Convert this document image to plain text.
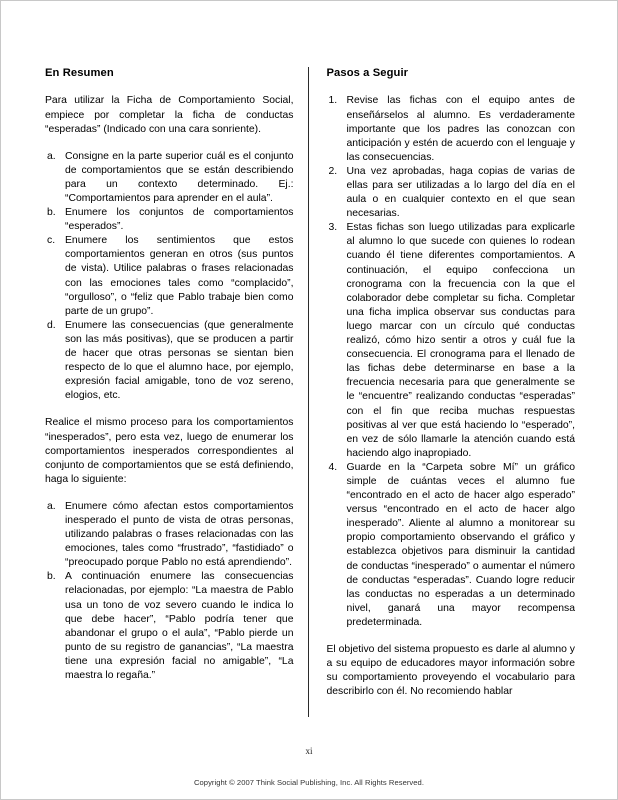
En Resumen

Para utilizar la Ficha de Comportamiento Social, empiece por completar la ficha de conductas “esperadas” (Indicado con una cara sonriente).

a. Consigne en la parte superior cuál es el conjunto de comportamientos que se están describiendo para un contexto determinado. Ej.: “Comportamientos para aprender en el aula”.
b. Enumere los conjuntos de comportamientos “esperados”.
c. Enumere los sentimientos que estos comportamientos generan en otros (sus puntos de vista). Utilice palabras o frases relacionadas con las emociones tales como “complacido”, “orgulloso”, o “feliz que Pablo trabaje bien como parte de un grupo”.
d. Enumere las consecuencias (que generalmente son las más positivas), que se producen a partir de hacer que otras personas se sientan bien respecto de lo que el alumno hace, por ejemplo, expresión facial amigable, tono de voz sereno, elogios, etc.

Realice el mismo proceso para los comportamientos “inesperados”, pero esta vez, luego de enumerar los comportamientos inesperados correspondientes al conjunto de comportamientos que se está definiendo, haga lo siguiente:

a. Enumere cómo afectan estos comportamientos inesperado el punto de vista de otras personas, utilizando palabras o frases relacionadas con las emociones, tales como “frustrado”, “fastidiado” o “preocupado porque Pablo no está aprendiendo”.
b. A continuación enumere las consecuencias relacionadas, por ejemplo: “La maestra de Pablo usa un tono de voz severo cuando le indica lo que debe hacer”, “Pablo podría tener que abandonar el grupo o el aula”, “Pablo pierde un punto de su registro de ganancias”, “La maestra tiene una expresión facial no amigable”, “La maestra lo regaña.”
Pasos a Seguir
1. Revise las fichas con el equipo antes de enseñárselos al alumno. Es verdaderamente importante que los padres las conozcan con anticipación y estén de acuerdo con el lenguaje y las consecuencias.
2. Una vez aprobadas, haga copias de varias de ellas para ser utilizadas a lo largo del día en el aula o en cualquier contexto en el que sean necesarias.
3. Estas fichas son luego utilizadas para explicarle al alumno lo que sucede con quienes lo rodean cuando él tiene diferentes comportamientos. A continuación, el equipo confecciona un cronograma con la frecuencia con la que el colaborador debe completar su ficha. Completar una ficha implica observar sus conductas para luego marcar con un círculo qué conductas realizó, cómo hizo sentir a otros y cuál fue la consecuencia. El cronograma para el llenado de las fichas debe determinarse en base a la frecuencia necesaria para que generalmente se le “encuentre” realizando conductas “esperadas” con el fin que reciba muchas respuestas positivas al ver que está haciendo lo “esperado”, en vez de sólo llamarle la atención cuando está haciendo algo inapropiado.
4. Guarde en la “Carpeta sobre Mí” un gráfico simple de cuántas veces el alumno fue “encontrado en el acto de hacer algo esperado” versus “encontrado en el acto de hacer algo inesperado”. Aliente al alumno a monitorear su propio comportamiento observando el gráfico y establezca objetivos para disminuir la cantidad de conductas “inesperado” o aumentar el número de conductas “esperadas”. Cuando logre reducir las conductas no esperadas a un determinado nivel, ganará una mayor recompensa predeterminada.

El objetivo del sistema propuesto es darle al alumno y a su equipo de educadores mayor información sobre su comportamiento proveyendo el vocabulario para describirlo con él. No recomiendo hablar

xi
Copyright © 2007 Think Social Publishing, Inc. All Rights Reserved.
